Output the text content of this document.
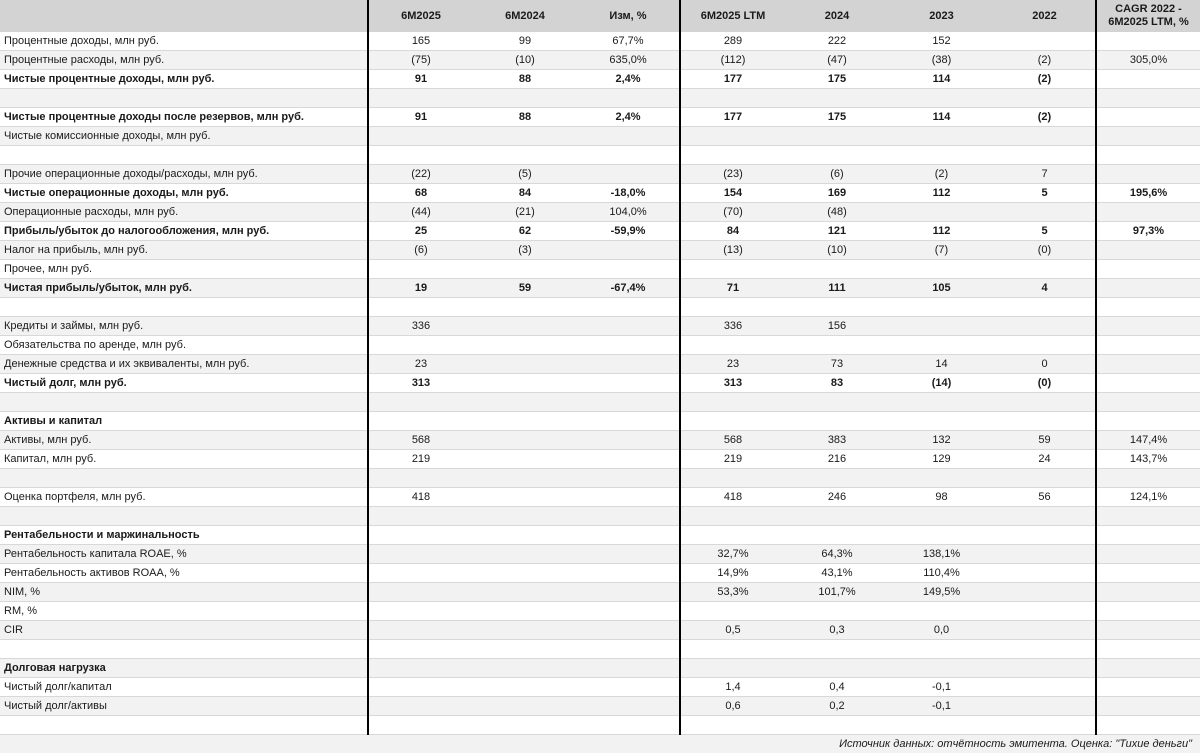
	6M2025	6M2024	Изм, %	6M2025 LTM	2024	2023	2022	CAGR 2022 - 6M2025 LTM, %
Процентные доходы, млн руб.	165	99	67,7%	289	222	152		
Процентные расходы, млн руб.	(75)	(10)	635,0%	(112)	(47)	(38)	(2)	305,0%
Чистые процентные доходы, млн руб.	91	88	2,4%	177	175	114	(2)	

Чистые процентные доходы после резервов, млн руб.	91	88	2,4%	177	175	114	(2)	
Чистые комиссионные доходы, млн руб.								

Прочие операционные доходы/расходы, млн руб.	(22)	(5)		(23)	(6)	(2)	7	
Чистые операционные доходы, млн руб.	68	84	-18,0%	154	169	112	5	195,6%
Операционные расходы, млн руб.	(44)	(21)	104,0%	(70)	(48)			
Прибыль/убыток до налогообложения, млн руб.	25	62	-59,9%	84	121	112	5	97,3%
Налог на прибыль, млн руб.	(6)	(3)		(13)	(10)	(7)	(0)	
Прочее, млн руб.								
Чистая прибыль/убыток, млн руб.	19	59	-67,4%	71	111	105	4	

Кредиты и займы, млн руб.	336			336	156			
Обязательства по аренде, млн руб.								
Денежные средства и их эквиваленты, млн руб.	23			23	73	14	0	
Чистый долг, млн руб.	313			313	83	(14)	(0)	

Активы и капитал								
Активы, млн руб.	568			568	383	132	59	147,4%
Капитал, млн руб.	219			219	216	129	24	143,7%

Оценка портфеля, млн руб.	418			418	246	98	56	124,1%

Рентабельности и маржинальность								
Рентабельность капитала ROAE, %				32,7%	64,3%	138,1%		
Рентабельность активов ROAA, %				14,9%	43,1%	110,4%		
NIM, %				53,3%	101,7%	149,5%		
RM, %								
CIR				0,5	0,3	0,0		

Долговая нагрузка								
Чистый долг/капитал				1,4	0,4	-0,1		
Чистый долг/активы				0,6	0,2	-0,1		

Источник данных: отчётность эмитента. Оценка: "Тихие деньги"								
